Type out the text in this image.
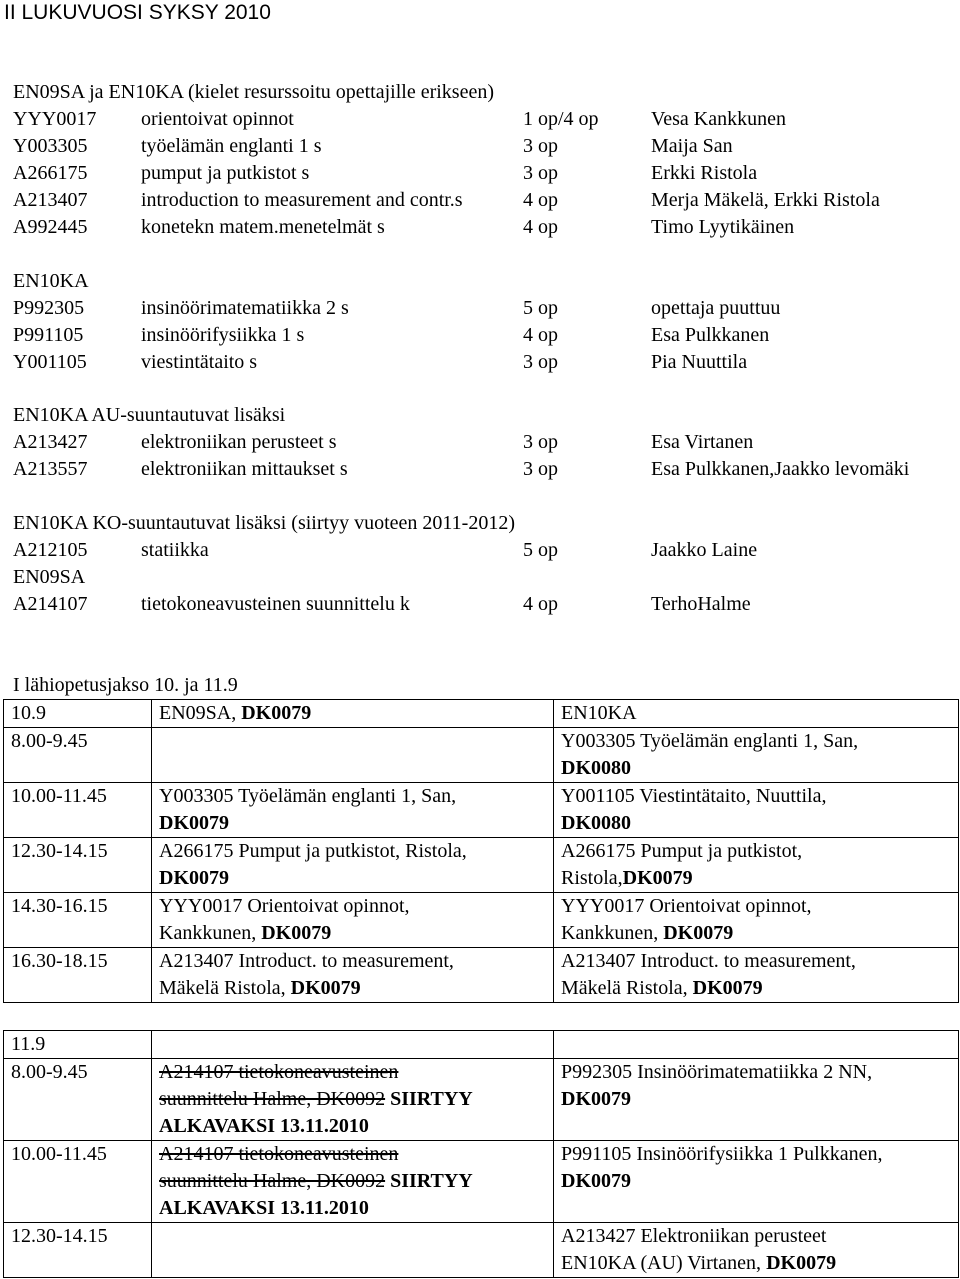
II LUKUVUOSI SYKSY 2010
EN09SA ja EN10KA (kielet resurssoitu opettajille erikseen)
YYY0017 orientoivat opinnot	1 op/4 op	Vesa Kankkunen
Y003305	työelämän englanti 1 s	3 op	Maija San
A266175	pumput ja putkistot s	3 op	Erkki Ristola
A213407	introduction to measurement and contr.s	4 op	Merja Mäkelä, Erkki Ristola
A992445	konetekn matem.menetelmät s	4 op	Timo Lyytikäinen
EN10KA
P992305	insinöörimatematiikka 2 s	5 op	opettaja puuttuu
P991105	insinöörifysiikka 1 s	4 op	Esa Pulkkanen
Y001105	viestintätaito s	3 op	Pia Nuuttila
EN10KA AU-suuntautuvat lisäksi
A213427	elektroniikan perusteet s	3 op	Esa Virtanen
A213557	elektroniikan mittaukset s	3 op	Esa Pulkkanen,Jaakko levomäki
EN10KA KO-suuntautuvat lisäksi (siirtyy vuoteen 2011-2012)
A212105	statiikka	5 op	Jaakko Laine
EN09SA
A214107	tietokoneavusteinen suunnittelu k	4 op	TerhoHalme
I lähiopetusjakso 10. ja 11.9
10.9	EN09SA, DK0079	EN10KA
8.00-9.45		Y003305 Työelämän englanti 1, San,
DK0080
10.00-11.45	Y003305 Työelämän englanti 1, San,
DK0079	Y001105 Viestintätaito, Nuuttila,
DK0080
12.30-14.15	A266175 Pumput ja putkistot, Ristola,
DK0079	A266175 Pumput ja putkistot,
Ristola,DK0079
14.30-16.15	YYY0017 Orientoivat opinnot,
Kankkunen, DK0079	YYY0017 Orientoivat opinnot,
Kankkunen, DK0079
16.30-18.15	A213407 Introduct. to measurement,
Mäkelä Ristola, DK0079	A213407 Introduct. to measurement,
Mäkelä Ristola, DK0079
11.9		
8.00-9.45	A214107 tietokoneavusteinen
suunnittelu Halme, DK0092 SIIRTYY
ALKAVAKSI 13.11.2010	P992305 Insinöörimatematiikka 2 NN,
DK0079
10.00-11.45	A214107 tietokoneavusteinen
suunnittelu Halme, DK0092 SIIRTYY
ALKAVAKSI 13.11.2010	P991105 Insinöörifysiikka 1 Pulkkanen,
DK0079
12.30-14.15		A213427 Elektroniikan perusteet
EN10KA (AU) Virtanen, DK0079
